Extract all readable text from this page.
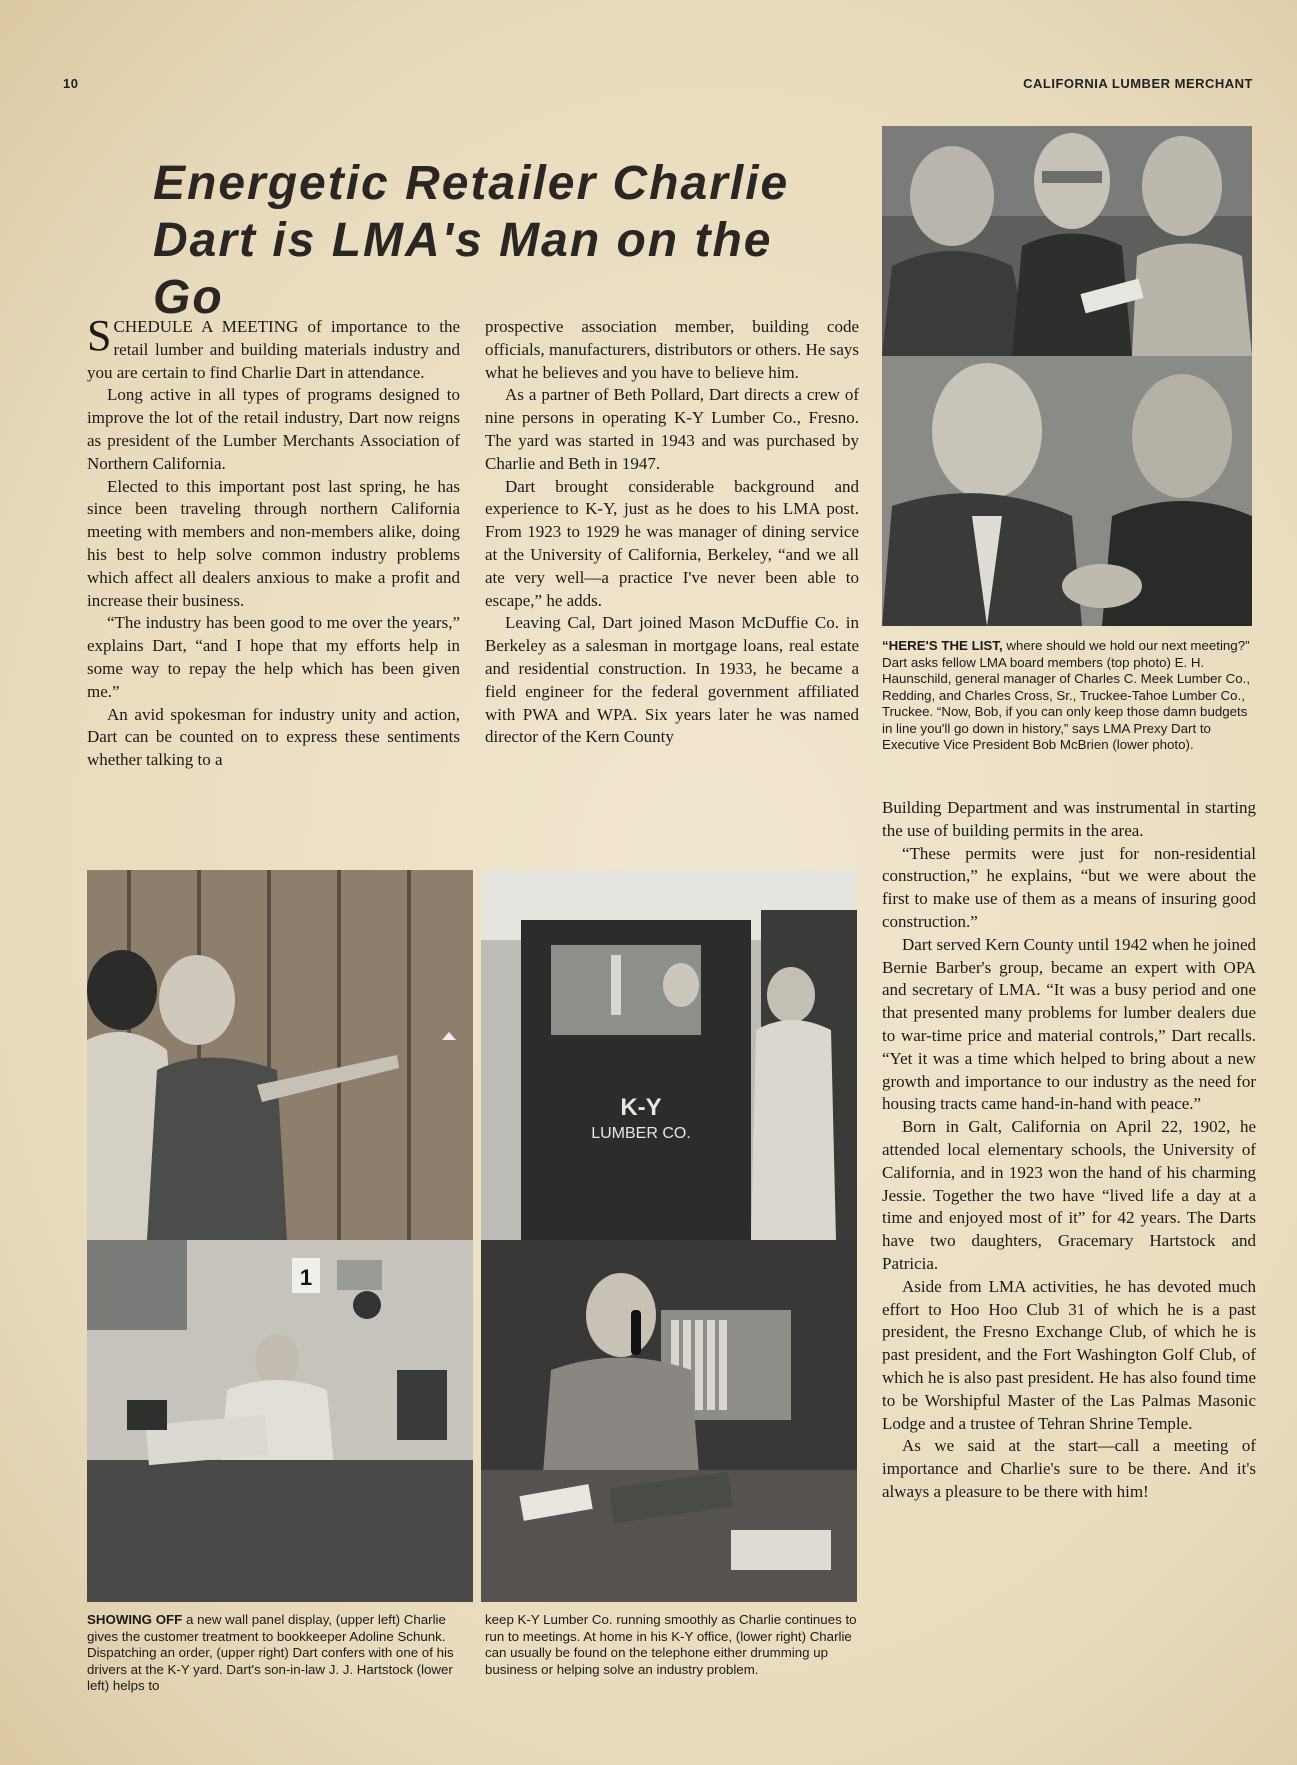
10	CALIFORNIA LUMBER MERCHANT
Energetic Retailer Charlie
Dart is LMA's Man on the Go
“HERE'S THE LIST, where should we hold our next meeting?” Dart asks fellow LMA board members (top photo) E. H. Haunschild, general manager of Charles C. Meek Lumber Co., Redding, and Charles Cross, Sr., Truckee-Tahoe Lumber Co., Truckee. “Now, Bob, if you can only keep those damn budgets in line you'll go down in history,” says LMA Prexy Dart to Executive Vice President Bob McBrien (lower photo).

SCHEDULE A MEETING of importance to the retail lumber and building materials industry and you are certain to find Charlie Dart in attendance.

Long active in all types of programs designed to improve the lot of the retail industry, Dart now reigns as president of the Lumber Merchants Association of Northern California.

Elected to this important post last spring, he has since been traveling through northern California meeting with members and non-members alike, doing his best to help solve common industry problems which affect all dealers anxious to make a profit and increase their business.

“The industry has been good to me over the years,” explains Dart, “and I hope that my efforts help in some way to repay the help which has been given me.”

An avid spokesman for industry unity and action, Dart can be counted on to express these sentiments whether talking to a

prospective association member, building code officials, manufacturers, distributors or others. He says what he believes and you have to believe him.

As a partner of Beth Pollard, Dart directs a crew of nine persons in operating K-Y Lumber Co., Fresno. The yard was started in 1943 and was purchased by Charlie and Beth in 1947.

Dart brought considerable background and experience to K-Y, just as he does to his LMA post. From 1923 to 1929 he was manager of dining service at the University of California, Berkeley, “and we all ate very well—a practice I've never been able to escape,” he adds.

Leaving Cal, Dart joined Mason McDuffie Co. in Berkeley as a salesman in mortgage loans, real estate and residential construction. In 1933, he became a field engineer for the federal government affiliated with PWA and WPA. Six years later he was named director of the Kern County

Building Department and was instrumental in starting the use of building permits in the area.

“These permits were just for non-residential construction,” he explains, “but we were about the first to make use of them as a means of insuring good construction.”

Dart served Kern County until 1942 when he joined Bernie Barber's group, became an expert with OPA and secretary of LMA. “It was a busy period and one that presented many problems for lumber dealers due to war-time price and material controls,” Dart recalls. “Yet it was a time which helped to bring about a new growth and importance to our industry as the need for housing tracts came hand-in-hand with peace.”

Born in Galt, California on April 22, 1902, he attended local elementary schools, the University of California, and in 1923 won the hand of his charming Jessie. Together the two have “lived life a day at a time and enjoyed most of it” for 42 years. The Darts have two daughters, Gracemary Hartstock and Patricia.

Aside from LMA activities, he has devoted much effort to Hoo Hoo Club 31 of which he is a past president, the Fresno Exchange Club, of which he is past president, and the Fort Washington Golf Club, of which he is also past president. He has also found time to be Worshipful Master of the Las Palmas Masonic Lodge and a trustee of Tehran Shrine Temple.

As we said at the start—call a meeting of importance and Charlie's sure to be there. And it's always a pleasure to be there with him!

K-Y
LUMBER CO.
1
SHOWING OFF a new wall panel display, (upper left) Charlie gives the customer treatment to bookkeeper Adoline Schunk. Dispatching an order, (upper right) Dart confers with one of his drivers at the K-Y yard. Dart's son-in-law J. J. Hartstock (lower left) helps to
keep K-Y Lumber Co. running smoothly as Charlie continues to run to meetings. At home in his K-Y office, (lower right) Charlie can usually be found on the telephone either drumming up business or helping solve an industry problem.
